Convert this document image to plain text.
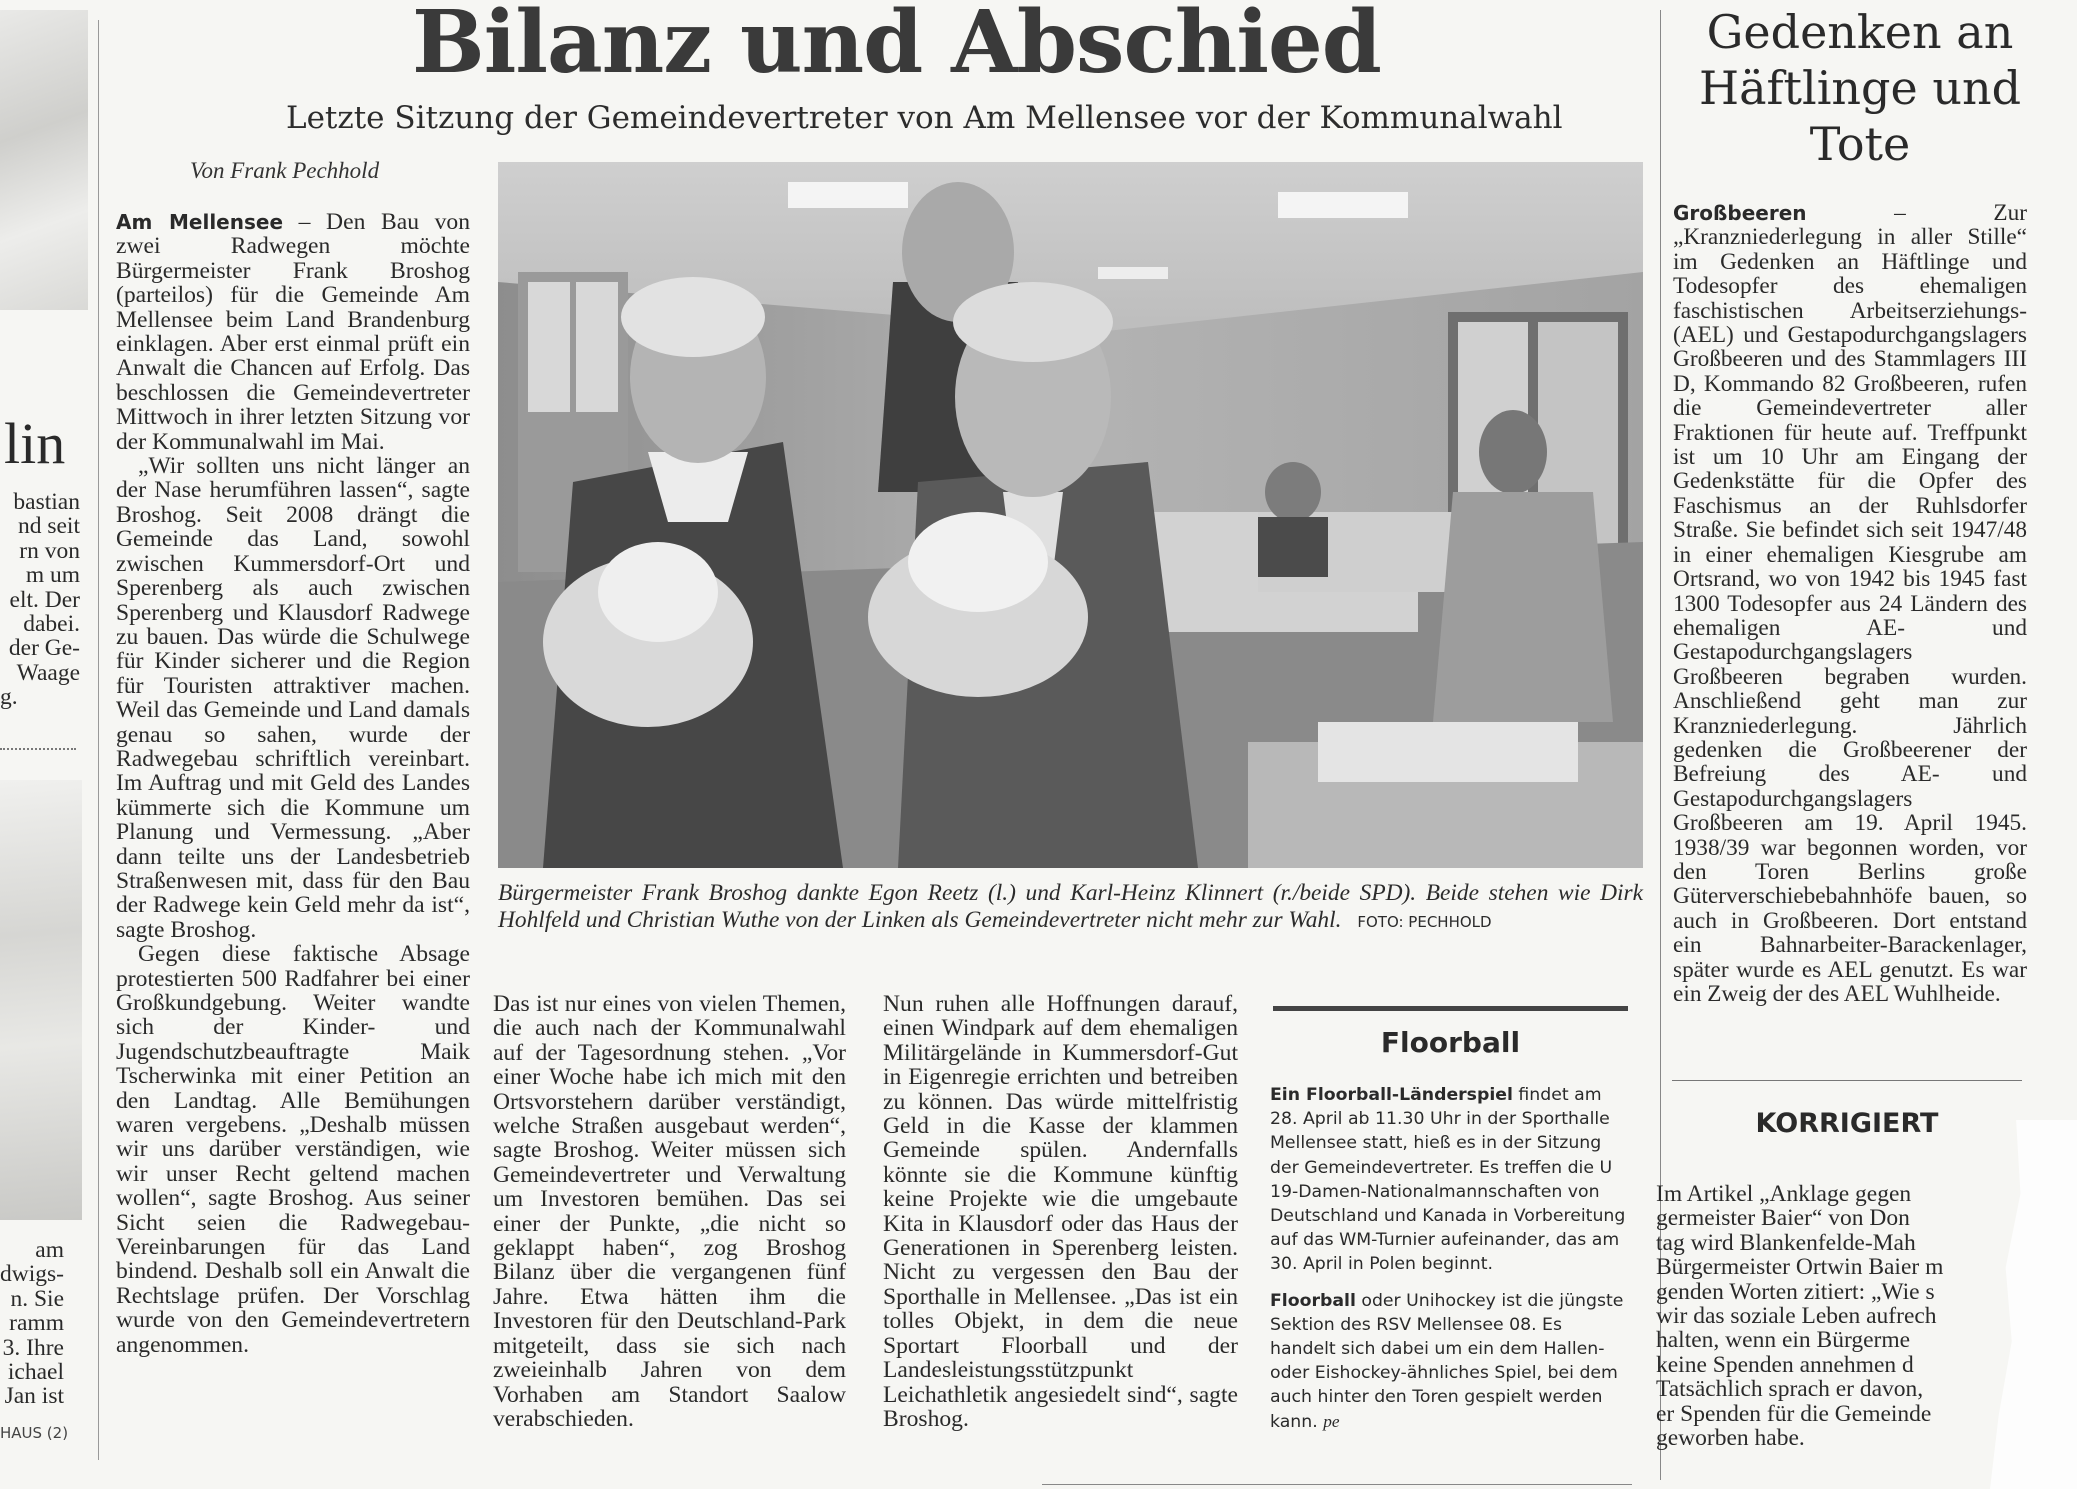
lin
bastian
nd seit
rn von
m um
elt. Der
dabei.
der Ge-
Waage
g.
am
dwigs-
n. Sie
ramm
3. Ihre
ichael
Jan ist
HAUS (2)
Bilanz und Abschied
Letzte Sitzung der Gemeindevertreter von Am Mellensee vor der Kommunalwahl
Von Frank Pechhold

Am Mellensee – Den Bau von zwei Radwegen möchte Bürgermeister Frank Broshog (parteilos) für die Gemeinde Am Mellensee beim Land Brandenburg einklagen. Aber erst einmal prüft ein Anwalt die Chancen auf Erfolg. Das beschlossen die Gemeindevertreter Mittwoch in ihrer letzten Sitzung vor der Kommunalwahl im Mai.

„Wir sollten uns nicht länger an der Nase herumführen lassen“, sagte Broshog. Seit 2008 drängt die Gemeinde das Land, sowohl zwischen Kummersdorf-Ort und Sperenberg als auch zwischen Sperenberg und Klausdorf Radwege zu bauen. Das würde die Schulwege für Kinder sicherer und die Region für Touristen attraktiver machen. Weil das Gemeinde und Land damals genau so sahen, wurde der Radwegebau schriftlich vereinbart. Im Auftrag und mit Geld des Landes kümmerte sich die Kommune um Planung und Vermessung. „Aber dann teilte uns der Landesbetrieb Straßenwesen mit, dass für den Bau der Radwege kein Geld mehr da ist“, sagte Broshog.

Gegen diese faktische Absage protestierten 500 Radfahrer bei einer Großkundgebung. Weiter wandte sich der Kinder- und Jugendschutzbeauftragte Maik Tscherwinka mit einer Petition an den Landtag. Alle Bemühungen waren vergebens. „Deshalb müssen wir uns darüber verständigen, wie wir unser Recht geltend machen wollen“, sagte Broshog. Aus seiner Sicht seien die Radwegebau-Vereinbarungen für das Land bindend. Deshalb soll ein Anwalt die Rechtslage prüfen. Der Vorschlag wurde von den Gemeindevertretern angenommen.

Bürgermeister Frank Broshog dankte Egon Reetz (l.) und Karl-Heinz Klinnert (r./beide SPD). Beide stehen wie Dirk Hohlfeld und Christian Wuthe von der Linken als Gemeindevertreter nicht mehr zur Wahl. FOTO: PECHHOLD

Das ist nur eines von vielen Themen, die auch nach der Kommunalwahl auf der Tagesordnung stehen. „Vor einer Woche habe ich mich mit den Ortsvorstehern darüber verständigt, welche Straßen ausgebaut werden“, sagte Broshog. Weiter müssen sich Gemeindevertreter und Verwaltung um Investoren bemühen. Das sei einer der Punkte, „die nicht so geklappt haben“, zog Broshog Bilanz über die vergangenen fünf Jahre. Etwa hätten ihm die Investoren für den Deutschland-Park mitgeteilt, dass sie sich nach zweieinhalb Jahren von dem Vorhaben am Standort Saalow verabschieden.

Nun ruhen alle Hoffnungen darauf, einen Windpark auf dem ehemaligen Militärgelände in Kummersdorf-Gut in Eigenregie errichten und betreiben zu können. Das würde mittelfristig Geld in die Kasse der klammen Gemeinde spülen. Andernfalls könnte sie die Kommune künftig keine Projekte wie die umgebaute Kita in Klausdorf oder das Haus der Generationen in Sperenberg leisten. Nicht zu vergessen den Bau der Sporthalle in Mellensee. „Das ist ein tolles Objekt, in dem die neue Sportart Floorball und der Landesleistungsstützpunkt Leichathletik angesiedelt sind“, sagte Broshog.

Floorball

Ein Floorball-Länderspiel findet am 28. April ab 11.30 Uhr in der Sporthalle Mellensee statt, hieß es in der Sitzung der Gemeindevertreter. Es treffen die U 19-Damen-Nationalmannschaften von Deutschland und Kanada in Vorbereitung auf das WM-Turnier aufeinander, das am 30. April in Polen beginnt.

Floorball oder Unihockey ist die jüngste Sektion des RSV Mellensee 08. Es handelt sich dabei um ein dem Hallen- oder Eishockey-ähnliches Spiel, bei dem auch hinter den Toren gespielt werden kann. pe

Gedenken an Häftlinge und Tote

Großbeeren	– Zur „Kranzniederlegung in aller Stille“ im Gedenken an Häftlinge und Todesopfer des ehemaligen faschistischen Arbeitserziehungs- (AEL) und Gestapodurchgangslagers Großbeeren und des Stammlagers III D, Kommando 82 Großbeeren, rufen die Gemeindevertreter aller Fraktionen für heute auf. Treffpunkt ist um 10 Uhr am Eingang der Gedenkstätte für die Opfer des Faschismus an der Ruhlsdorfer Straße. Sie befindet sich seit 1947/48 in einer ehemaligen Kiesgrube am Ortsrand, wo von 1942 bis 1945 fast 1300 Todesopfer aus 24 Ländern des ehemaligen AE- und Gestapodurchgangslagers Großbeeren begraben wurden. Anschließend geht man zur Kranzniederlegung. Jährlich gedenken die Großbeerener der Befreiung des AE- und Gestapodurchgangslagers Großbeeren am 19. April 1945. 1938/39 war begonnen worden, vor den Toren Berlins große Güterverschiebebahnhöfe bauen, so auch in Großbeeren. Dort entstand ein Bahnarbeiter-Barackenlager, später wurde es AEL genutzt. Es war ein Zweig der des AEL Wuhlheide.

KORRIGIERT
Im Artikel „Anklage gegen
germeister Baier“ von Don
tag wird Blankenfelde-Mah
Bürgermeister Ortwin Baier m
genden Worten zitiert: „Wie s
wir das soziale Leben aufrech
halten, wenn ein Bürgerme
keine Spenden annehmen d
Tatsächlich sprach er davon,
er Spenden für die Gemeinde
geworben habe.
